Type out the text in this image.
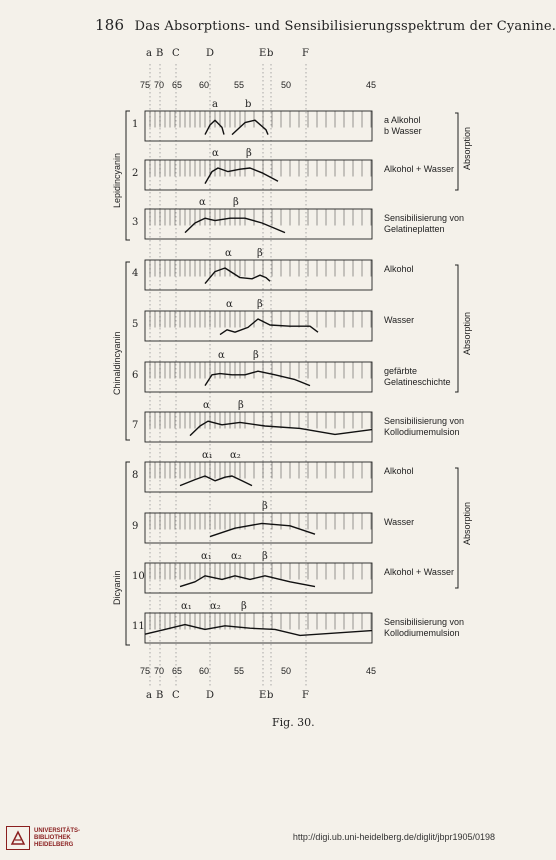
186 Das Absorptions- und Sensibilisierungsspektrum der Cyanine.
a B C	D	E b	F
a B C	D	E b	F
75
75
70
70
65
65
60
60
55
55
50
50
45
45
1
a	b
a Alkohol
b Wasser
2
α	β
Alkohol + Wasser
3
α	β
Sensibilisierung von
Gelatineplatten
4
α	β
Alkohol
5
α β
Wasser
6
α	β
gefärbte
Gelatineschichte
7
α	β
Sensibilisierung von
Kollodiumemulsion
8
α₁ α₂
Alkohol
9
β
Wasser
10
α₁ α₂ β
Alkohol + Wasser
11
α₁ α₂ β
Sensibilisierung von
Kollodiumemulsion
Lepidincyanin
Chinaldincyanin
Dicyanin
Absorption
Absorption
Absorption
Fig. 30.
UNIVERSITÄTS-
BIBLIOTHEK
HEIDELBERG
http://digi.ub.uni-heidelberg.de/diglit/jbpr1905/0198
